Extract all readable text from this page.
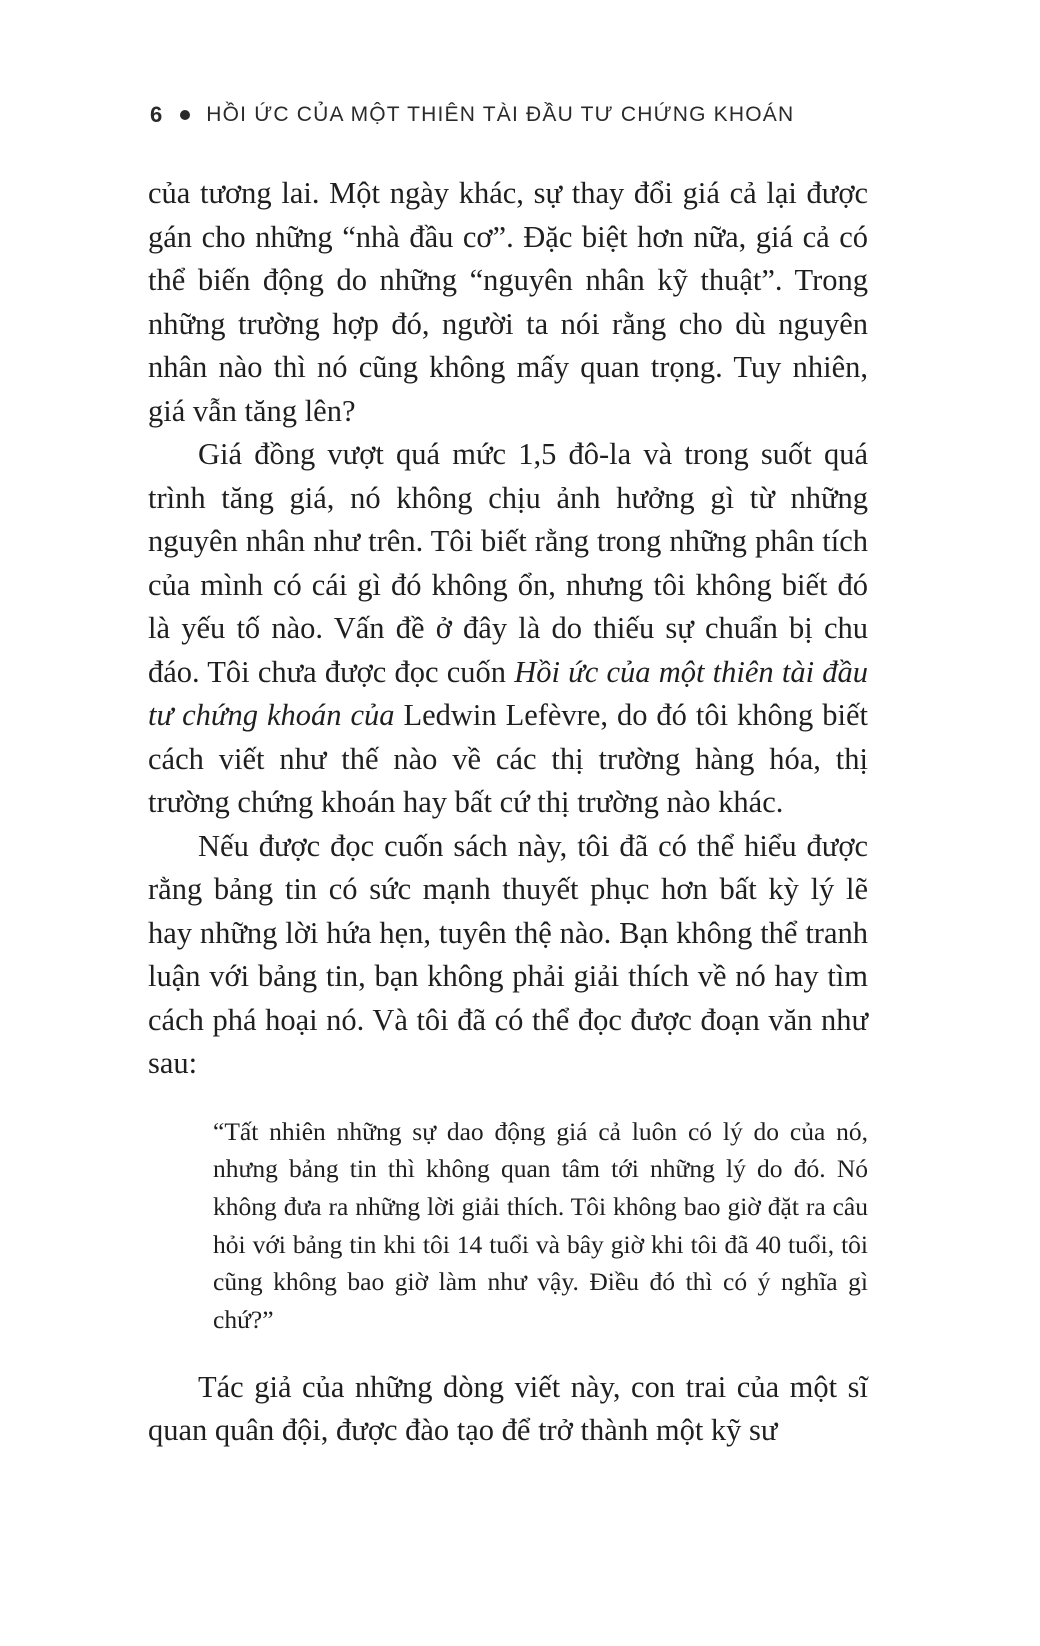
6 HỒI ỨC CỦA MỘT THIÊN TÀI ĐẦU TƯ CHỨNG KHOÁN

của tương lai. Một ngày khác, sự thay đổi giá cả lại được gán cho những “nhà đầu cơ”. Đặc biệt hơn nữa, giá cả có thể biến động do những “nguyên nhân kỹ thuật”. Trong những trường hợp đó, người ta nói rằng cho dù nguyên nhân nào thì nó cũng không mấy quan trọng. Tuy nhiên, giá vẫn tăng lên?

Giá đồng vượt quá mức 1,5 đô-la và trong suốt quá trình tăng giá, nó không chịu ảnh hưởng gì từ những nguyên nhân như trên. Tôi biết rằng trong những phân tích của mình có cái gì đó không ổn, nhưng tôi không biết đó là yếu tố nào. Vấn đề ở đây là do thiếu sự chuẩn bị chu đáo. Tôi chưa được đọc cuốn Hồi ức của một thiên tài đầu tư chứng khoán của Ledwin Lefèvre, do đó tôi không biết cách viết như thế nào về các thị trường hàng hóa, thị trường chứng khoán hay bất cứ thị trường nào khác.

Nếu được đọc cuốn sách này, tôi đã có thể hiểu được rằng bảng tin có sức mạnh thuyết phục hơn bất kỳ lý lẽ hay những lời hứa hẹn, tuyên thệ nào. Bạn không thể tranh luận với bảng tin, bạn không phải giải thích về nó hay tìm cách phá hoại nó. Và tôi đã có thể đọc được đoạn văn như sau:

“Tất nhiên những sự dao động giá cả luôn có lý do của nó, nhưng bảng tin thì không quan tâm tới những lý do đó. Nó không đưa ra những lời giải thích. Tôi không bao giờ đặt ra câu hỏi với bảng tin khi tôi 14 tuổi và bây giờ khi tôi đã 40 tuổi, tôi cũng không bao giờ làm như vậy. Điều đó thì có ý nghĩa gì chứ?”

Tác giả của những dòng viết này, con trai của một sĩ quan quân đội, được đào tạo để trở thành một kỹ sư
